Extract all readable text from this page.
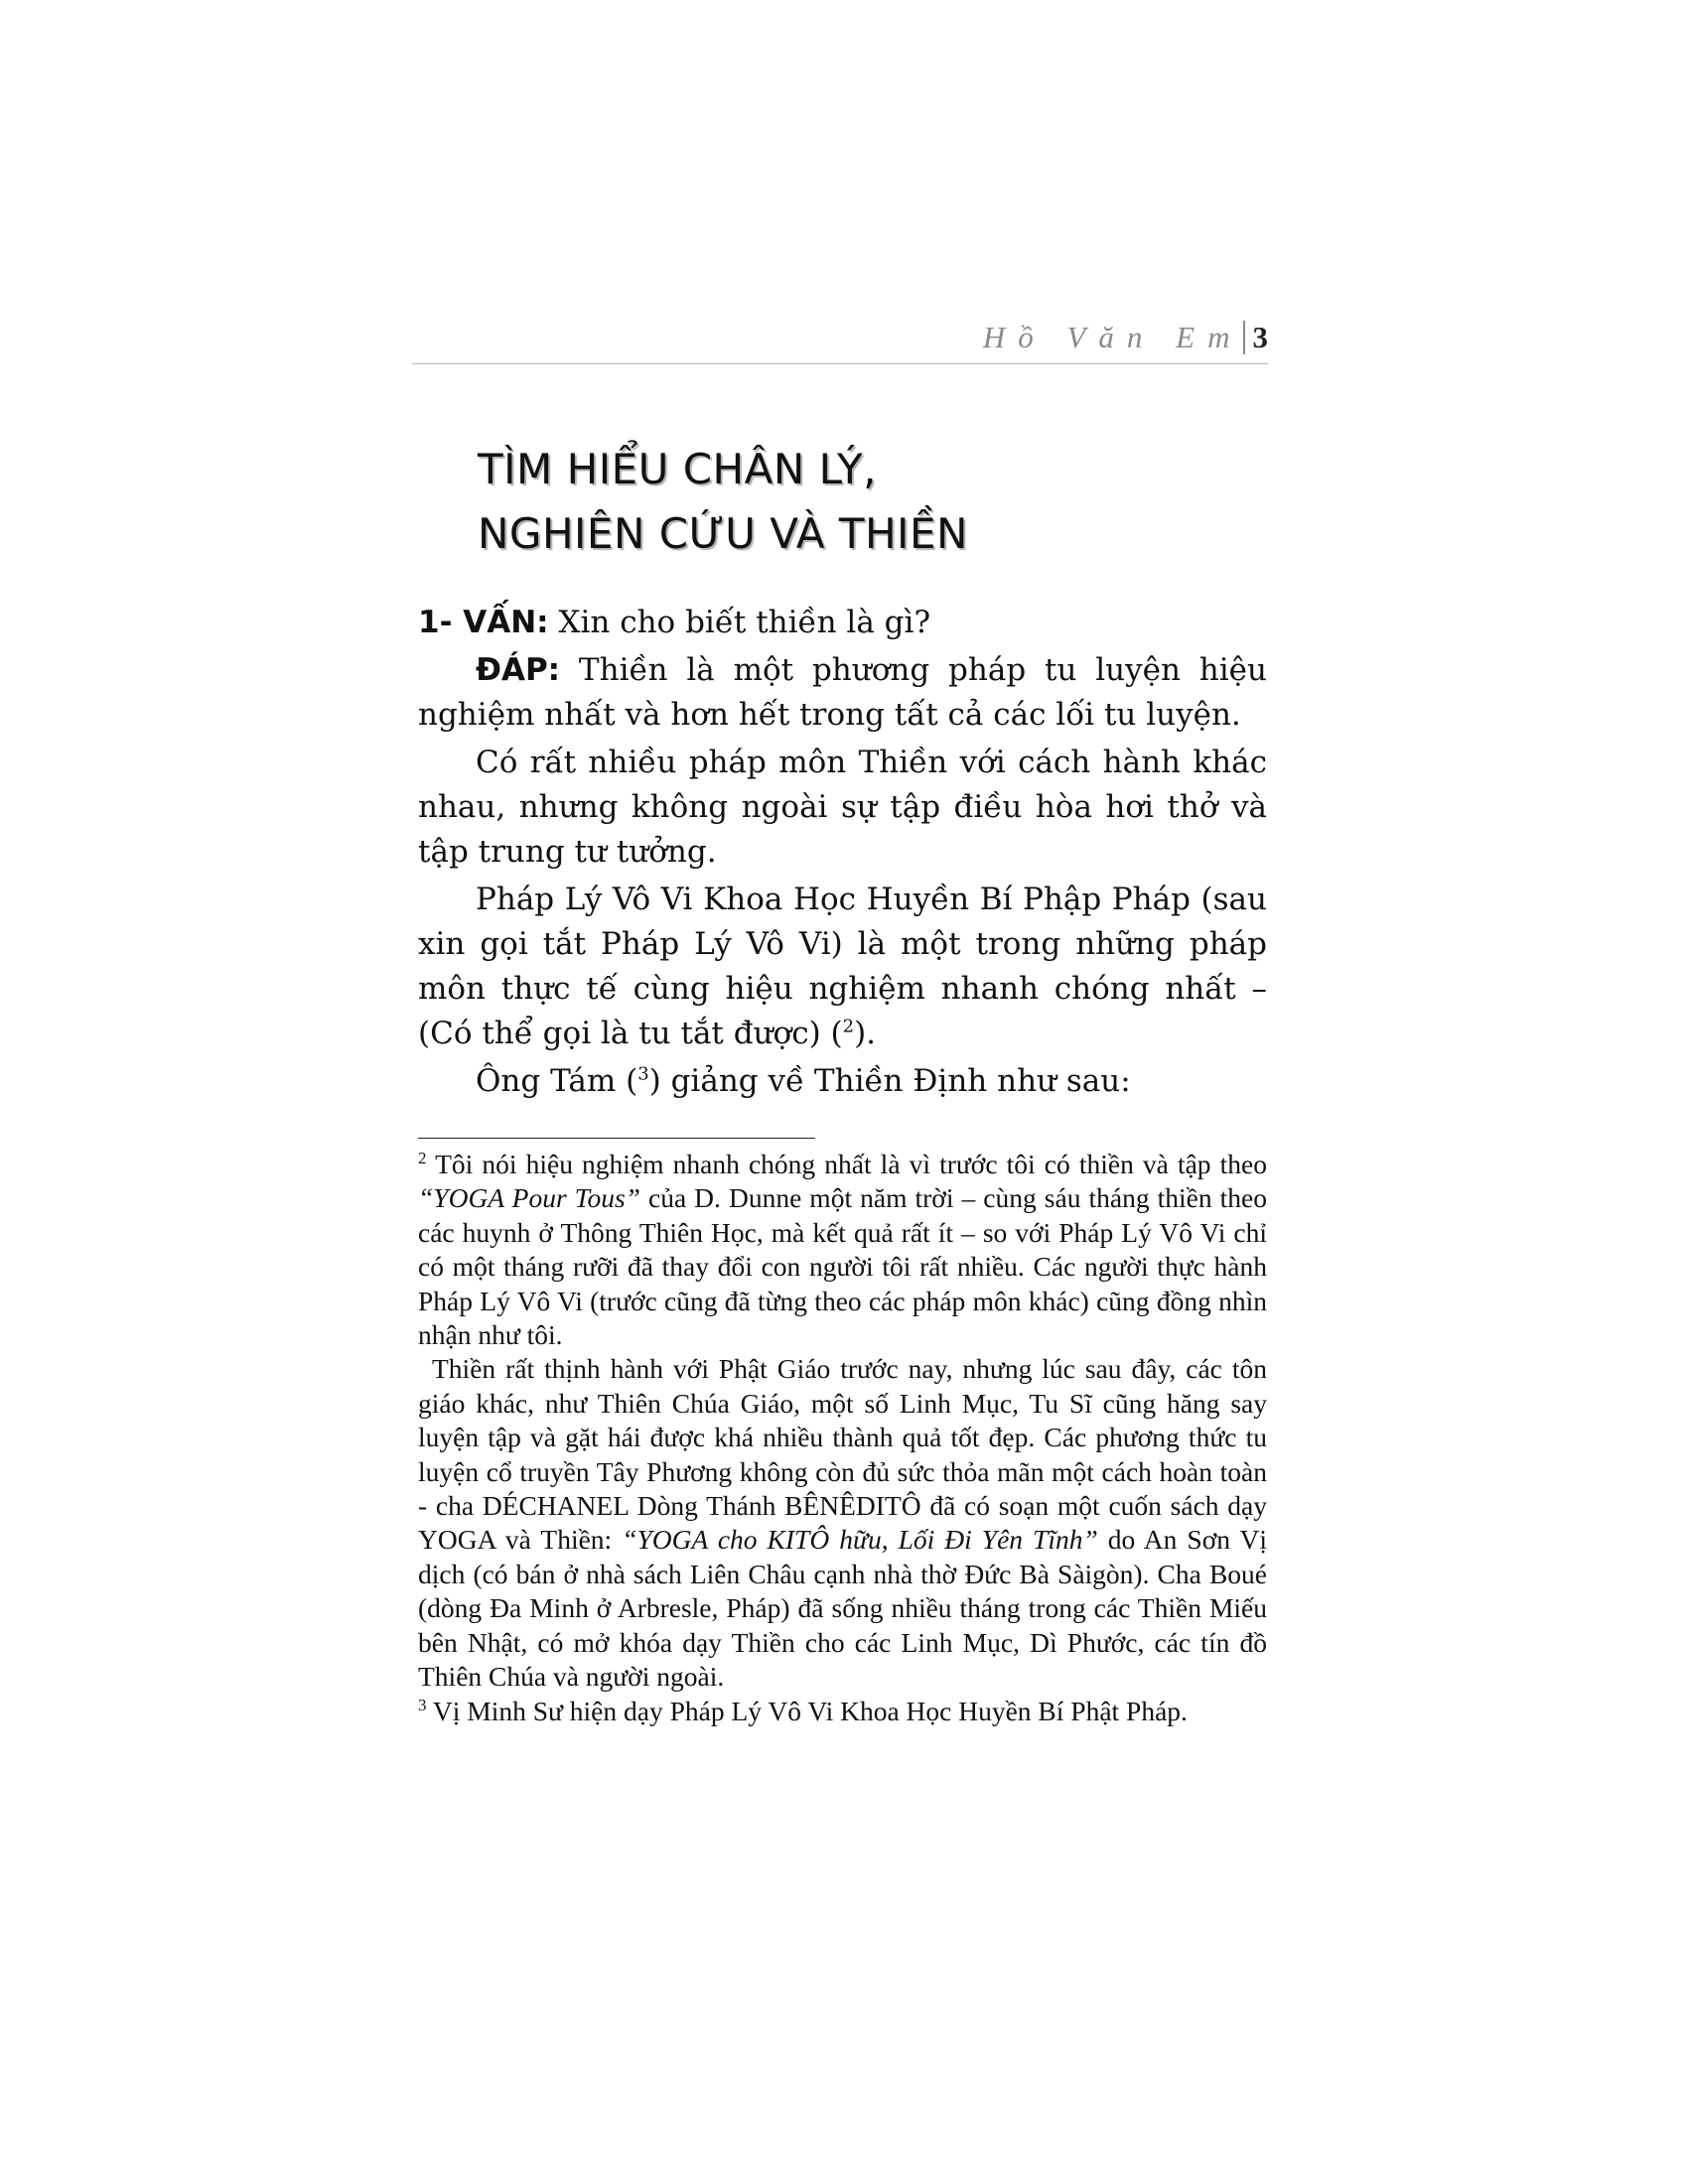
Hồ Văn Em 3
TÌM HIỂU CHÂN LÝ,
NGHIÊN CỨU VÀ THIỀN

1- VẤN: Xin cho biết thiền là gì?

ĐÁP: Thiền là một phương pháp tu luyện hiệu nghiệm nhất và hơn hết trong tất cả các lối tu luyện.

Có rất nhiều pháp môn Thiền với cách hành khác nhau, nhưng không ngoài sự tập điều hòa hơi thở và tập trung tư tưởng.

Pháp Lý Vô Vi Khoa Học Huyền Bí Phập Pháp (sau xin gọi tắt Pháp Lý Vô Vi) là một trong những pháp môn thực tế cùng hiệu nghiệm nhanh chóng nhất – (Có thể gọi là tu tắt được) ($^2$).

Ông Tám ($^3$) giảng về Thiền Định như sau:

$^2$ Tôi nói hiệu nghiệm nhanh chóng nhất là vì trước tôi có thiền và tập theo “YOGA Pour Tous” của D. Dunne một năm trời – cùng sáu tháng thiền theo các huynh ở Thông Thiên Học, mà kết quả rất ít – so với Pháp Lý Vô Vi chỉ có một tháng rưỡi đã thay đổi con người tôi rất nhiều. Các người thực hành Pháp Lý Vô Vi (trước cũng đã từng theo các pháp môn khác) cũng đồng nhìn nhận như tôi.

Thiền rất thịnh hành với Phật Giáo trước nay, nhưng lúc sau đây, các tôn giáo khác, như Thiên Chúa Giáo, một số Linh Mục, Tu Sĩ cũng hăng say luyện tập và gặt hái được khá nhiều thành quả tốt đẹp. Các phương thức tu luyện cổ truyền Tây Phương không còn đủ sức thỏa mãn một cách hoàn toàn - cha DÉCHANEL Dòng Thánh BÊNÊDITÔ đã có soạn một cuốn sách dạy YOGA và Thiền: “YOGA cho KITÔ hữu, Lối Đi Yên Tĩnh” do An Sơn Vị dịch (có bán ở nhà sách Liên Châu cạnh nhà thờ Đức Bà Sàigòn). Cha Boué (dòng Đa Minh ở Arbresle, Pháp) đã sống nhiều tháng trong các Thiền Miếu bên Nhật, có mở khóa dạy Thiền cho các Linh Mục, Dì Phước, các tín đồ Thiên Chúa và người ngoài.

$^3$ Vị Minh Sư hiện dạy Pháp Lý Vô Vi Khoa Học Huyền Bí Phật Pháp.
